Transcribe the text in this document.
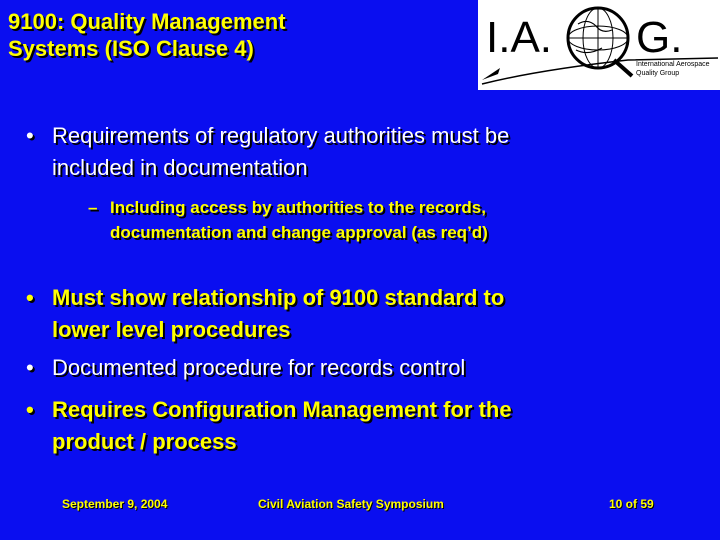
9100: Quality Management
Systems (ISO Clause 4)	I.A. G.
International Aerospace
Quality Group
• Requirements of regulatory authorities must be
included in documentation
– Including access by authorities to the records,
documentation and change approval (as req’d)
• Must show relationship of 9100 standard to
lower level procedures
• Documented procedure for records control
• Requires Configuration Management for the
product / process
September 9, 2004	Civil Aviation Safety Symposium	10 of 59
